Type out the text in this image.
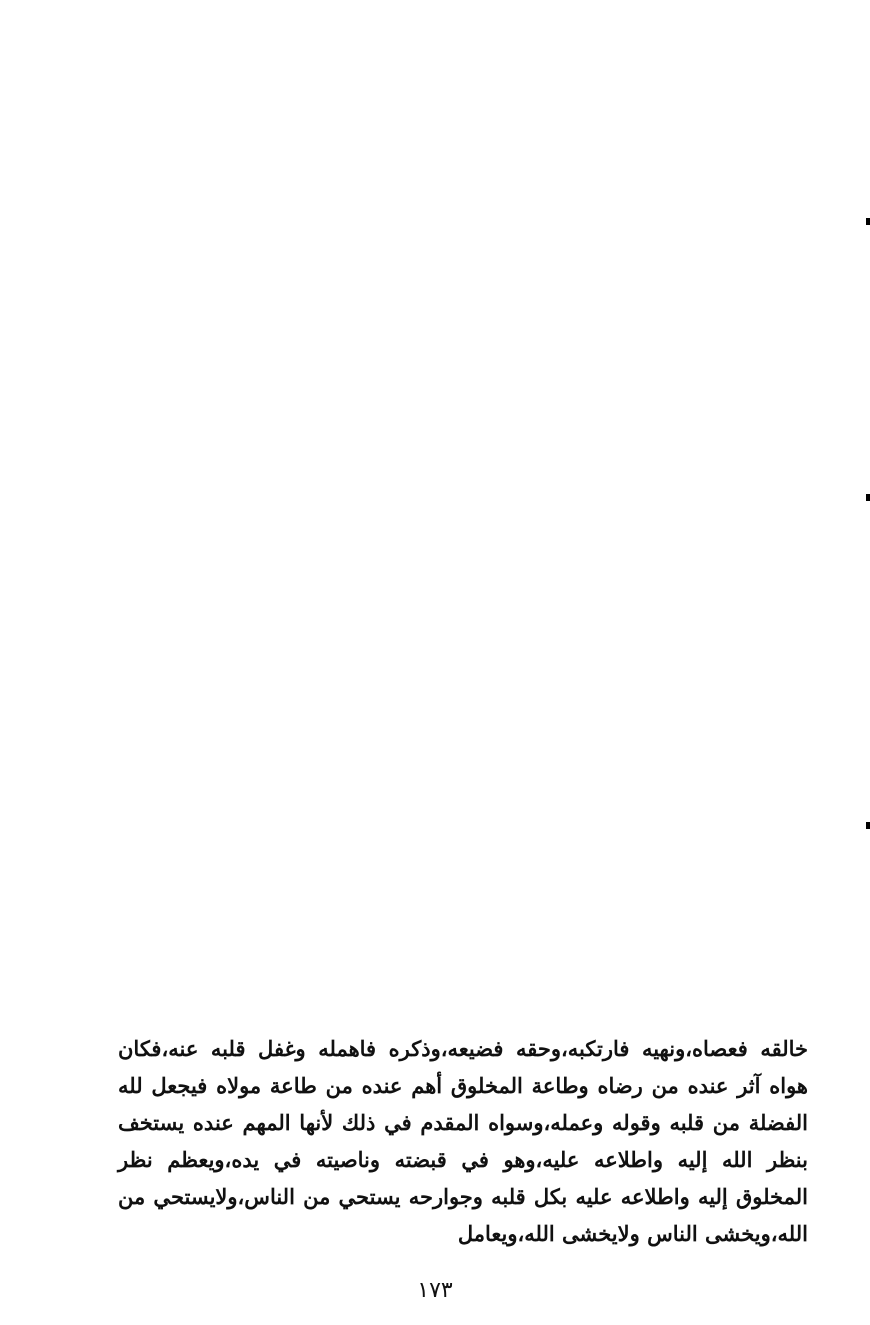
خالقه فعصاه،ونهيه فارتكبه،وحقه فضيعه،وذكره فاهمله وغفل قلبه عنه،فكان هواه آثر عنده من رضاه وطاعة المخلوق أهم عنده من طاعة مولاه فيجعل لله الفضلة من قلبه وقوله وعمله،وسواه المقدم في ذلك لأنها المهم عنده يستخف بنظر الله إليه واطلاعه عليه،وهو في قبضته وناصيته في يده،ويعظم نظر المخلوق إليه واطلاعه عليه بكل قلبه وجوارحه يستحي من الناس،ولايستحي من الله،ويخشى الناس ولايخشى الله،ويعامل
١٧٣
